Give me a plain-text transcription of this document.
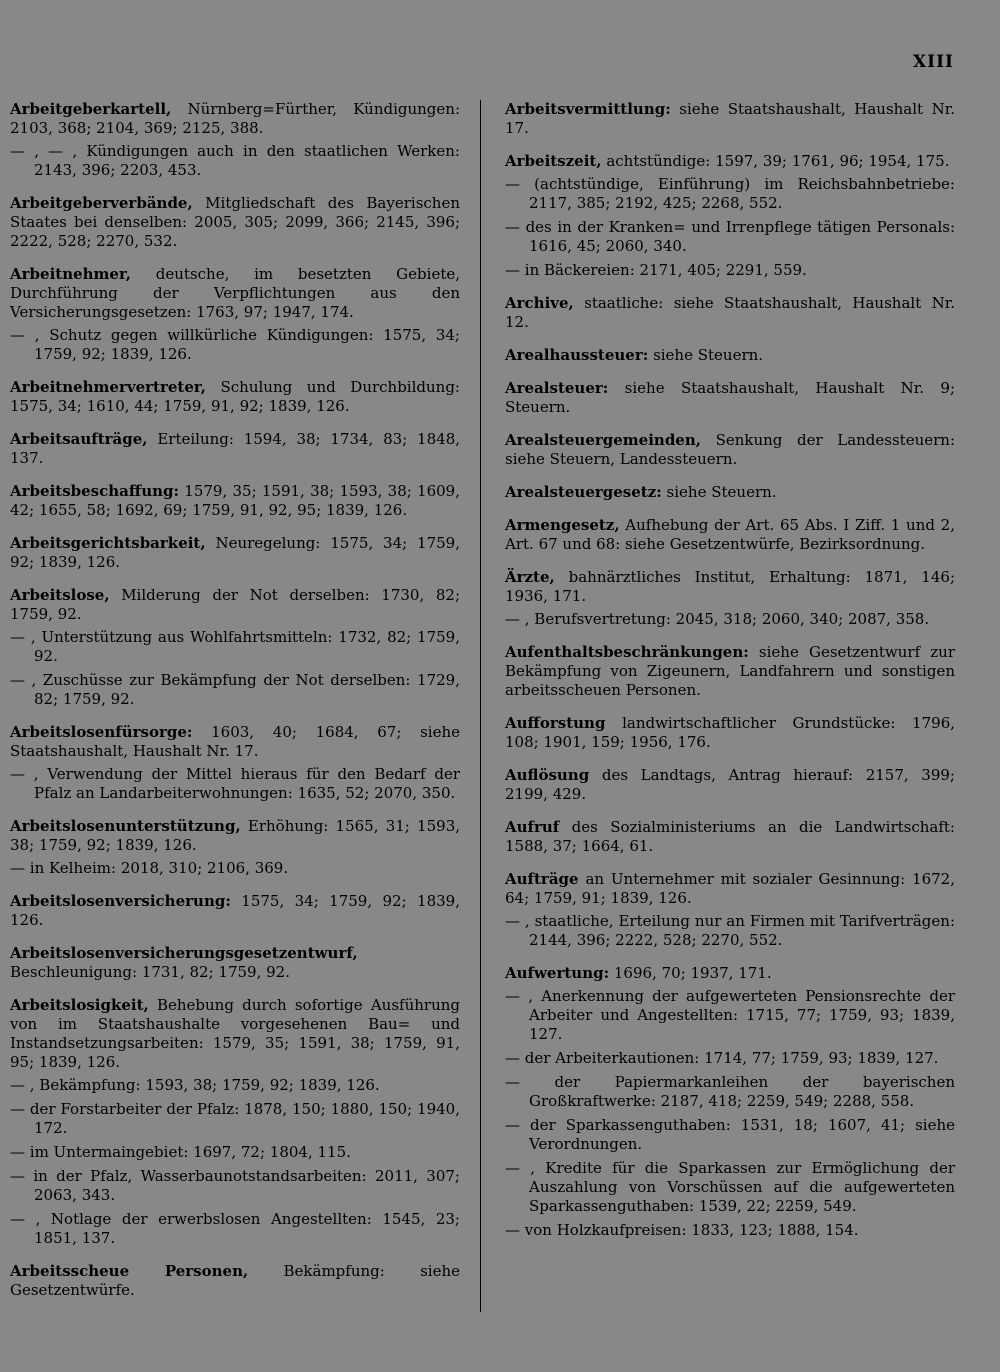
XIII
Arbeitgeberkartell, Nürnberg=Fürther, Kündigungen: 2103, 368; 2104, 369; 2125, 388.
— , — , Kündigungen auch in den staatlichen Werken: 2143, 396; 2203, 453.
Arbeitgeberverbände, Mitgliedschaft des Bayerischen Staates bei denselben: 2005, 305; 2099, 366; 2145, 396; 2222, 528; 2270, 532.
Arbeitnehmer, deutsche, im besetzten Gebiete, Durchführung der Verpflichtungen aus den Versicherungsgesetzen: 1763, 97; 1947, 174.
— , Schutz gegen willkürliche Kündigungen: 1575, 34; 1759, 92; 1839, 126.
Arbeitnehmervertreter, Schulung und Durchbildung: 1575, 34; 1610, 44; 1759, 91, 92; 1839, 126.
Arbeitsaufträge, Erteilung: 1594, 38; 1734, 83; 1848, 137.
Arbeitsbeschaffung: 1579, 35; 1591, 38; 1593, 38; 1609, 42; 1655, 58; 1692, 69; 1759, 91, 92, 95; 1839, 126.
Arbeitsgerichtsbarkeit, Neuregelung: 1575, 34; 1759, 92; 1839, 126.
Arbeitslose, Milderung der Not derselben: 1730, 82; 1759, 92.
— , Unterstützung aus Wohlfahrtsmitteln: 1732, 82; 1759, 92.
— , Zuschüsse zur Bekämpfung der Not derselben: 1729, 82; 1759, 92.
Arbeitslosenfürsorge: 1603, 40; 1684, 67; siehe Staatshaushalt, Haushalt Nr. 17.
— , Verwendung der Mittel hieraus für den Bedarf der Pfalz an Landarbeiterwohnungen: 1635, 52; 2070, 350.
Arbeitslosenunterstützung, Erhöhung: 1565, 31; 1593, 38; 1759, 92; 1839, 126.
— in Kelheim: 2018, 310; 2106, 369.
Arbeitslosenversicherung: 1575, 34; 1759, 92; 1839, 126.
Arbeitslosenversicherungsgesetzentwurf, Beschleunigung: 1731, 82; 1759, 92.
Arbeitslosigkeit, Behebung durch sofortige Ausführung von im Staatshaushalte vorgesehenen Bau= und Instandsetzungsarbeiten: 1579, 35; 1591, 38; 1759, 91, 95; 1839, 126.
— , Bekämpfung: 1593, 38; 1759, 92; 1839, 126.
— der Forstarbeiter der Pfalz: 1878, 150; 1880, 150; 1940, 172.
— im Untermaingebiet: 1697, 72; 1804, 115.
— in der Pfalz, Wasserbaunotstandsarbeiten: 2011, 307; 2063, 343.
— , Notlage der erwerbslosen Angestellten: 1545, 23; 1851, 137.
Arbeitsscheue Personen, Bekämpfung: siehe Gesetzentwürfe.
Arbeitsvermittlung: siehe Staatshaushalt, Haushalt Nr. 17.
Arbeitszeit, achtstündige: 1597, 39; 1761, 96; 1954, 175.
— (achtstündige, Einführung) im Reichsbahnbetriebe: 2117, 385; 2192, 425; 2268, 552.
— des in der Kranken= und Irrenpflege tätigen Personals: 1616, 45; 2060, 340.
— in Bäckereien: 2171, 405; 2291, 559.
Archive, staatliche: siehe Staatshaushalt, Haushalt Nr. 12.
Arealhaussteuer: siehe Steuern.
Arealsteuer: siehe Staatshaushalt, Haushalt Nr. 9; Steuern.
Arealsteuergemeinden, Senkung der Landessteuern: siehe Steuern, Landessteuern.
Arealsteuergesetz: siehe Steuern.
Armengesetz, Aufhebung der Art. 65 Abs. I Ziff. 1 und 2, Art. 67 und 68: siehe Gesetzentwürfe, Bezirksordnung.
Ärzte, bahnärztliches Institut, Erhaltung: 1871, 146; 1936, 171.
— , Berufsvertretung: 2045, 318; 2060, 340; 2087, 358.
Aufenthaltsbeschränkungen: siehe Gesetzentwurf zur Bekämpfung von Zigeunern, Landfahrern und sonstigen arbeitsscheuen Personen.
Aufforstung landwirtschaftlicher Grundstücke: 1796, 108; 1901, 159; 1956, 176.
Auflösung des Landtags, Antrag hierauf: 2157, 399; 2199, 429.
Aufruf des Sozialministeriums an die Landwirtschaft: 1588, 37; 1664, 61.
Aufträge an Unternehmer mit sozialer Gesinnung: 1672, 64; 1759, 91; 1839, 126.
— , staatliche, Erteilung nur an Firmen mit Tarifverträgen: 2144, 396; 2222, 528; 2270, 552.
Aufwertung: 1696, 70; 1937, 171.
— , Anerkennung der aufgewerteten Pensionsrechte der Arbeiter und Angestellten: 1715, 77; 1759, 93; 1839, 127.
— der Arbeiterkautionen: 1714, 77; 1759, 93; 1839, 127.
— der Papiermarkanleihen der bayerischen Großkraftwerke: 2187, 418; 2259, 549; 2288, 558.
— der Sparkassenguthaben: 1531, 18; 1607, 41; siehe Verordnungen.
— , Kredite für die Sparkassen zur Ermöglichung der Auszahlung von Vorschüssen auf die aufgewerteten Sparkassenguthaben: 1539, 22; 2259, 549.
— von Holzkaufpreisen: 1833, 123; 1888, 154.
